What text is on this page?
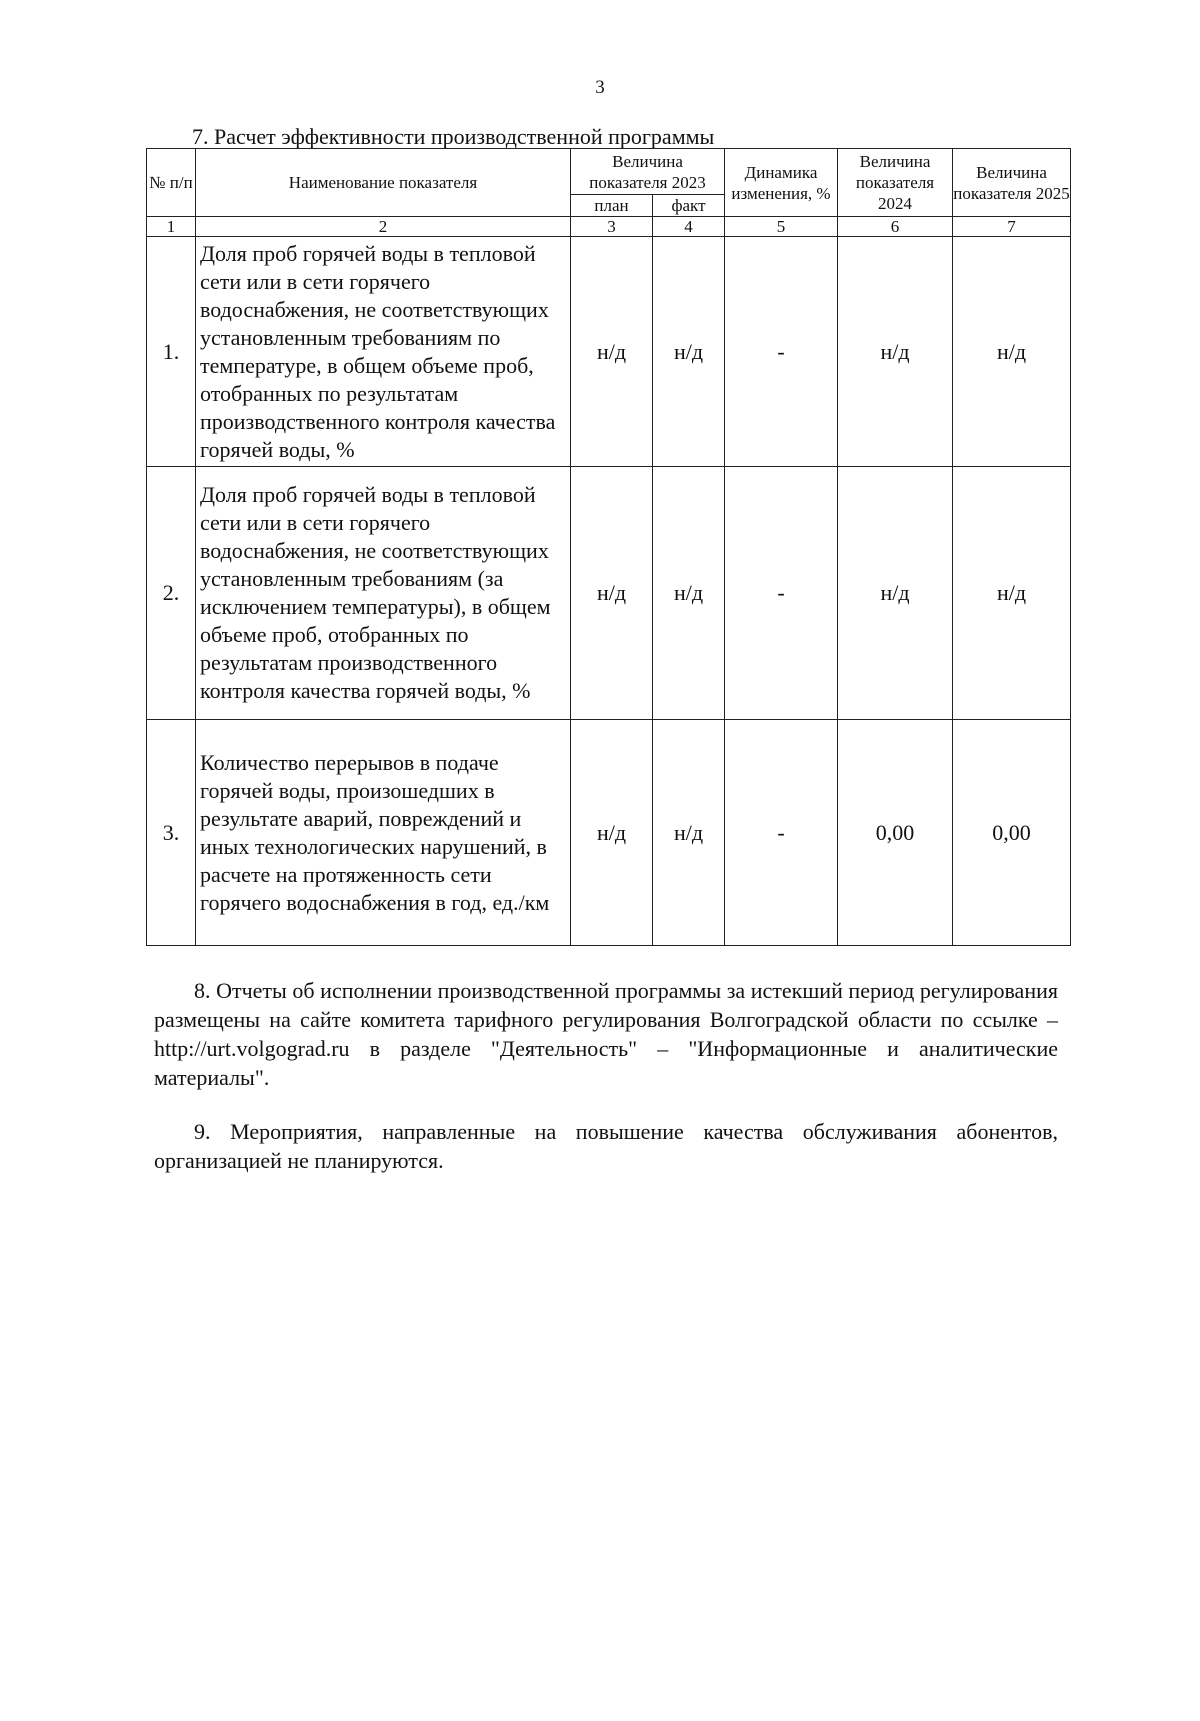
3
7. Расчет эффективности производственной программы
№ п/п	Наименование показателя	Величина показателя 2023		Динамика изменения, %	Величина показателя 2024	Величина показателя 2025
		план	факт			
1	2	3	4	5	6	7
1.	Доля проб горячей воды в тепловой сети или в сети горячего водоснабжения, не соответствующих установленным требованиям по температуре, в общем объеме проб, отобранных по результатам производственного контроля качества горячей воды, %	н/д	н/д	-	н/д	н/д
2.	Доля проб горячей воды в тепловой сети или в сети горячего водоснабжения, не соответствующих установленным требованиям (за исключением температуры), в общем объеме проб, отобранных по результатам производственного контроля качества горячей воды, %	н/д	н/д	-	н/д	н/д
3.	Количество перерывов в подаче горячей воды, произошедших в результате аварий, повреждений и иных технологических нарушений, в расчете на протяженность сети горячего водоснабжения в год, ед./км	н/д	н/д	-	0,00	0,00
8. Отчеты об исполнении производственной программы за истекший период регулирования размещены на сайте комитета тарифного регулирования Волгоградской области по ссылке –http://urt.volgograd.ru в разделе "Деятельность" – "Информационные и аналитические материалы".
9. Мероприятия, направленные на повышение качества обслуживания абонентов, организацией не планируются.
